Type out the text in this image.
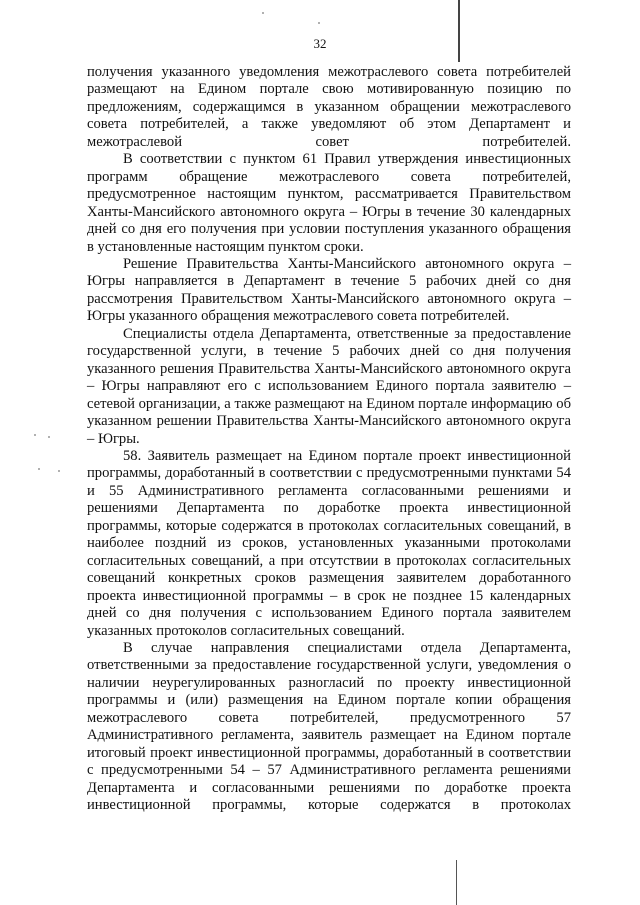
32

получения указанного уведомления межотраслевого совета потребителей размещают на Едином портале свою мотивированную позицию по предложениям, содержащимся в указанном обращении межотраслевого совета потребителей, а также уведомляют об этом Департамент и межотраслевой совет потребителей.

В соответствии с пунктом 61 Правил утверждения инвестиционных программ обращение межотраслевого совета потребителей, предусмотренное настоящим пунктом, рассматривается Правительством Ханты-Мансийского автономного округа – Югры в течение 30 календарных дней со дня его получения при условии поступления указанного обращения в установленные настоящим пунктом сроки.

Решение Правительства Ханты-Мансийского автономного округа – Югры направляется в Департамент в течение 5 рабочих дней со дня рассмотрения Правительством Ханты-Мансийского автономного округа – Югры указанного обращения межотраслевого совета потребителей.

Специалисты отдела Департамента, ответственные за предоставление государственной услуги, в течение 5 рабочих дней со дня получения указанного решения Правительства Ханты-Мансийского автономного округа – Югры направляют его с использованием Единого портала заявителю – сетевой организации, а также размещают на Едином портале информацию об указанном решении Правительства Ханты-Мансийского автономного округа – Югры.

58. Заявитель размещает на Едином портале проект инвестиционной программы, доработанный в соответствии с предусмотренными пунктами 54 и 55 Административного регламента согласованными решениями и решениями Департамента по доработке проекта инвестиционной программы, которые содержатся в протоколах согласительных совещаний, в наиболее поздний из сроков, установленных указанными протоколами согласительных совещаний, а при отсутствии в протоколах согласительных совещаний конкретных сроков размещения заявителем доработанного проекта инвестиционной программы – в срок не позднее 15 календарных дней со дня получения с использованием Единого портала заявителем указанных протоколов согласительных совещаний.

В случае направления специалистами отдела Департамента, ответственными за предоставление государственной услуги, уведомления о наличии неурегулированных разногласий по проекту инвестиционной программы и (или) размещения на Едином портале копии обращения межотраслевого совета потребителей, предусмотренного 57 Административного регламента, заявитель размещает на Едином портале итоговый проект инвестиционной программы, доработанный в соответствии с предусмотренными 54 – 57 Административного регламента решениями Департамента и согласованными решениями по доработке проекта инвестиционной программы, которые содержатся в протоколах
